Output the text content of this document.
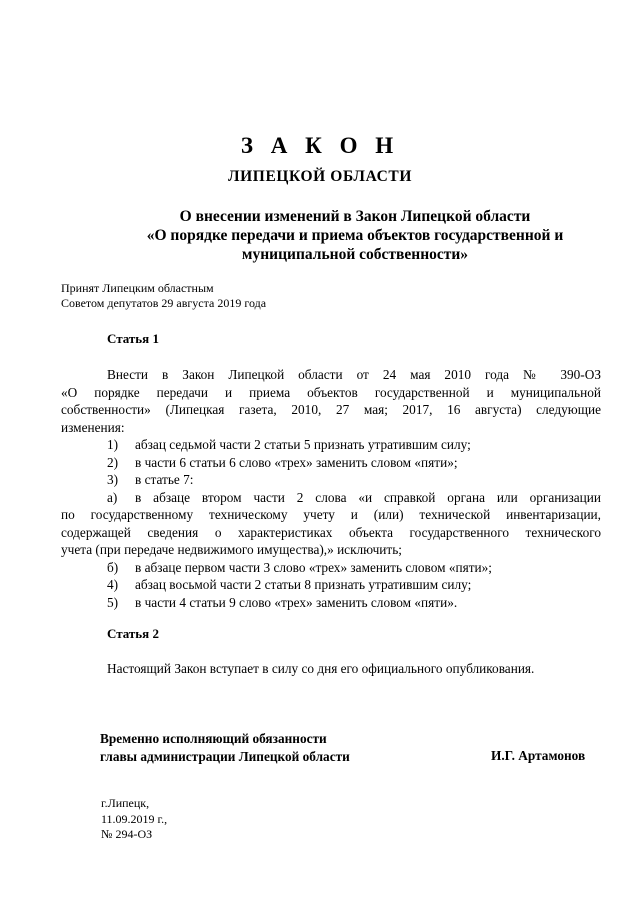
З А К О Н
ЛИПЕЦКОЙ ОБЛАСТИ
О внесении изменений в Закон Липецкой области
«О порядке передачи и приема объектов государственной и
муниципальной собственности»
Принят Липецким областным
Советом депутатов 29 августа 2019 года
Статья 1
Внести в Закон Липецкой области от 24 мая 2010 года № 390-ОЗ
«О порядке передачи и приема объектов государственной и муниципальной
собственности» (Липецкая газета, 2010, 27 мая; 2017, 16 августа) следующие
изменения:
1) абзац седьмой части 2 статьи 5 признать утратившим силу;
2) в части 6 статьи 6 слово «трех» заменить словом «пяти»;
3) в статье 7:
а)	в абзаце втором части 2 слова «и справкой органа или организации
по государственному техническому учету и (или) технической инвентаризации,
содержащей сведения о характеристиках объекта государственного технического
учета (при передаче недвижимого имущества),» исключить;
б) в абзаце первом части 3 слово «трех» заменить словом «пяти»;
4) абзац восьмой части 2 статьи 8 признать утратившим силу;
5) в части 4 статьи 9 слово «трех» заменить словом «пяти».
Статья 2
Настоящий Закон вступает в силу со дня его официального опубликования.
Временно исполняющий обязанности
главы администрации Липецкой области	И.Г. Артамонов
г.Липецк,
11.09.2019 г.,
№ 294-ОЗ
